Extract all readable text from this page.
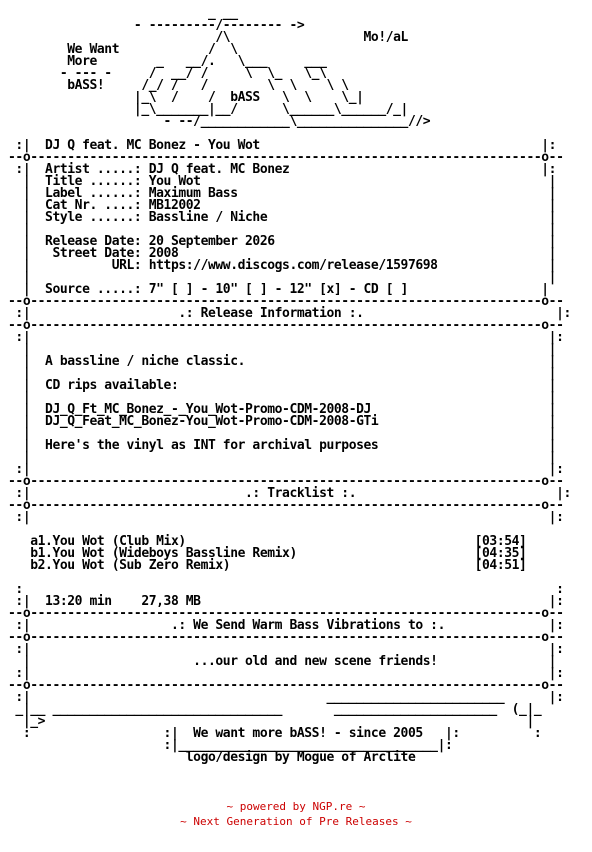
_ __
- ---------/-------- ->
/\                  Mo!/aL
We Want            /  \
More        _   __/.   \___     ___
- --- -     /  __/ /     \  \_   \_\
bASS!     /_/ /   /        \  \    \ \
|_\  /    /  bASS   \  \    \_|
|_\_______|__/      \______\______/_|
- --/____________\_______________//>

:|  DJ Q feat. MC Bonez - You Wot                                      |:
--o---------------------------------------------------------------------o--
:|  Artist .....: DJ Q feat. MC Bonez                                  |:
|  Title ......: You Wot                                               |
|  Label ......: Maximum Bass                                          |
|  Cat Nr. ....: MB12002                                               |
|  Style ......: Bassline / Niche                                      |
|                                                                      |
|  Release Date: 20 September 2026                                     |
|   Street Date: 2008                                                  |
|           URL: https://www.discogs.com/release/1597698               |
|                                                                      |
|  Source .....: 7" [ ] - 10" [ ] - 12" [x] - CD [ ]                  |
--o---------------------------------------------------------------------o--
:|                    .: Release Information :.                          |:
--o---------------------------------------------------------------------o--
:|                                                                      |:
|                                                                      |
|  A bassline / niche classic.                                         |
|                                                                      |
|  CD rips available:                                                  |
|                                                                      |
|  DJ_Q_Ft_MC_Bonez_-_You_Wot-Promo-CDM-2008-DJ                        |
|  DJ_Q_Feat_MC_Bonez-You_Wot-Promo-CDM-2008-GTi                       |
|                                                                      |
|  Here's the vinyl as INT for archival purposes                       |
|                                                                      |
:|                                                                      |:
--o---------------------------------------------------------------------o--
:|                             .: Tracklist :.                           |:
--o---------------------------------------------------------------------o--
:|                                                                      |:

a1.You Wot (Club Mix)                                       [03:54]
b1.You Wot (Wideboys Bassline Remix)                        [04:35]
b2.You Wot (Sub Zero Remix)                                 [04:51]

:                                                                        :
:|  13:20 min    27,38 MB                                               |:
--o---------------------------------------------------------------------o--
:|                   .: We Send Warm Bass Vibrations to :.              |:
--o---------------------------------------------------------------------o--
:|                                                                      |:
|                      ...our old and new scene friends!               |
:|                                                                      |:
--o---------------------------------------------------------------------o--
:|                                        ________________________      |:
_|__ _______________________________       ______________________  (_|_
|_>                                                                 |
:                  :|  We want more bASS! - since 2005   |:          :
:|___________________________________|:
logo/design by Mogue of Arclite
~ powered by NGP.re ~
~ Next Generation of Pre Releases ~
